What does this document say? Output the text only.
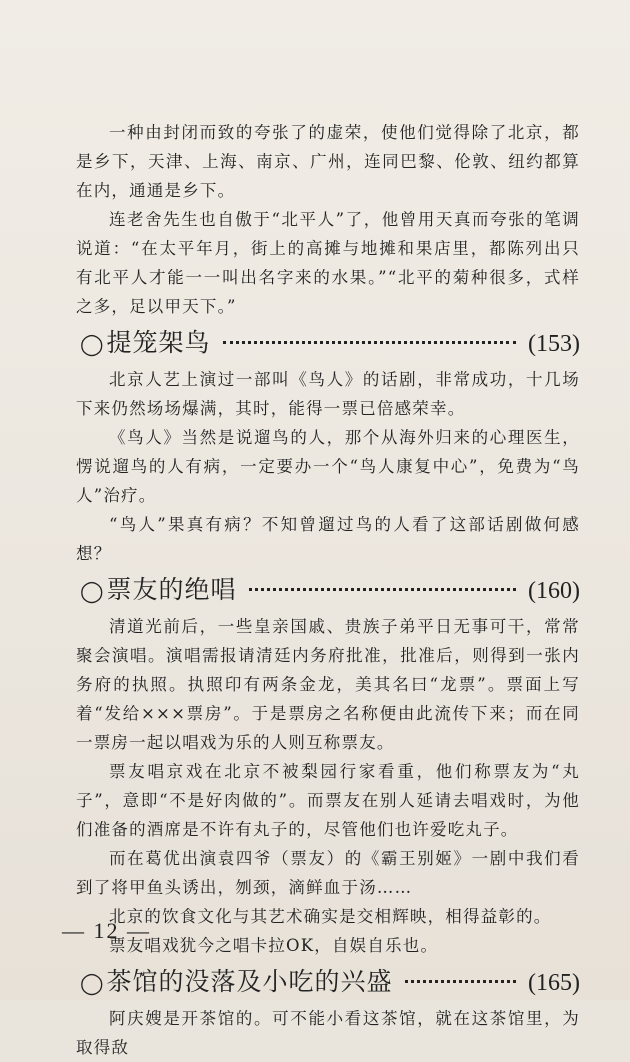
一种由封闭而致的夸张了的虚荣，使他们觉得除了北京，都是乡下，天津、上海、南京、广州，连同巴黎、伦敦、纽约都算在内，通通是乡下。

连老舍先生也自傲于“北平人”了，他曾用天真而夸张的笔调说道：“在太平年月，街上的高摊与地摊和果店里，都陈列出只有北平人才能一一叫出名字来的水果。”“北平的菊种很多，式样之多，足以甲天下。”

◯ 提笼架鸟	(153)

北京人艺上演过一部叫《鸟人》的话剧，非常成功，十几场下来仍然场场爆满，其时，能得一票已倍感荣幸。

《鸟人》当然是说遛鸟的人，那个从海外归来的心理医生，愣说遛鸟的人有病，一定要办一个“鸟人康复中心”，免费为“鸟人”治疗。

“鸟人”果真有病？不知曾遛过鸟的人看了这部话剧做何感想？

◯ 票友的绝唱	(160)

清道光前后，一些皇亲国戚、贵族子弟平日无事可干，常常聚会演唱。演唱需报请清廷内务府批准，批准后，则得到一张内务府的执照。执照印有两条金龙，美其名曰“龙票”。票面上写着“发给×××票房”。于是票房之名称便由此流传下来；而在同一票房一起以唱戏为乐的人则互称票友。

票友唱京戏在北京不被梨园行家看重，他们称票友为“丸子”，意即“不是好肉做的”。而票友在别人延请去唱戏时，为他们准备的酒席是不许有丸子的，尽管他们也许爱吃丸子。

而在葛优出演袁四爷（票友）的《霸王别姬》一剧中我们看到了将甲鱼头诱出，刎颈，滴鲜血于汤……

北京的饮食文化与其艺术确实是交相辉映，相得益彰的。

票友唱戏犹今之唱卡拉OK，自娱自乐也。

◯ 茶馆的没落及小吃的兴盛	(165)

阿庆嫂是开茶馆的。可不能小看这茶馆，就在这茶馆里，为取得敌

— 12 —
